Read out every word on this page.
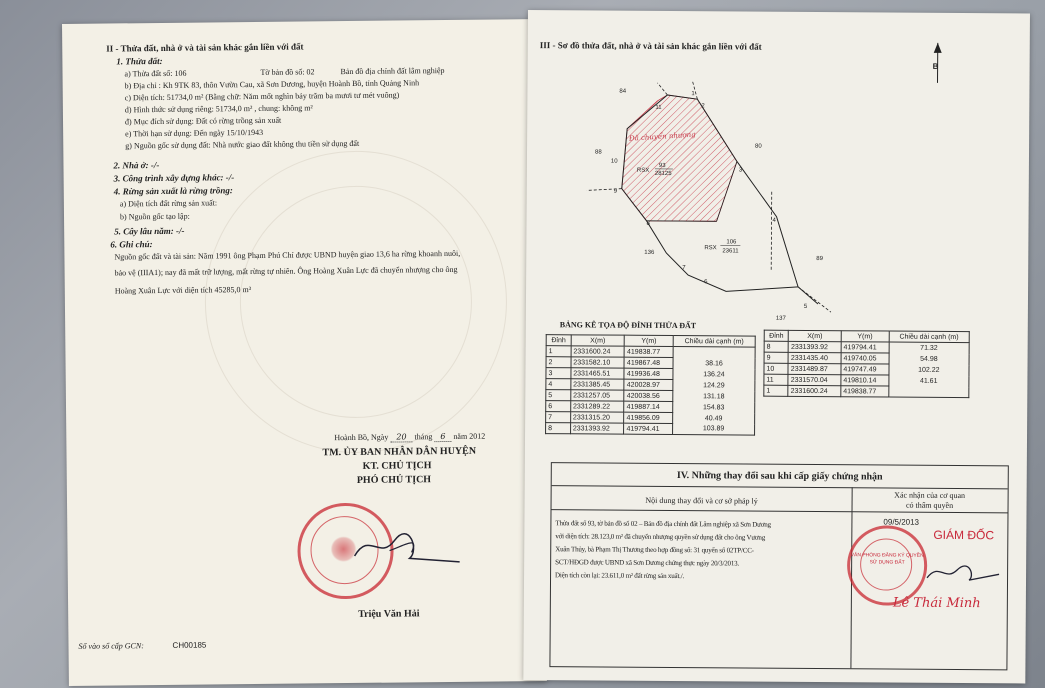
II - Thửa đất, nhà ở và tài sản khác gắn liền với đất
1. Thửa đất:
a) Thửa đất số: 106	Tờ bản đồ số: 02	Bản đồ địa chính đất lâm nghiệp
b) Địa chỉ : Kh 9TK 83, thôn Vườn Cau, xã Sơn Dương, huyện Hoành Bồ, tỉnh Quảng Ninh
c) Diện tích: 51734,0 m² (Bằng chữ: Năm mốt nghìn bảy trăm ba mươi tư mét vuông)
d) Hình thức sử dụng riêng: 51734,0 m² , chung: không m²
đ) Mục đích sử dụng: Đất có rừng trồng sản xuất
e) Thời hạn sử dụng: Đến ngày 15/10/1943
g) Nguồn gốc sử dụng đất: Nhà nước giao đất không thu tiền sử dụng đất
2. Nhà ở: -/-
3. Công trình xây dựng khác: -/-
4. Rừng sản xuất là rừng trồng:
a) Diện tích đất rừng sản xuất:
b) Nguồn gốc tạo lập:
5. Cây lâu năm: -/-
6. Ghi chú:
Nguồn gốc đất và tài sản: Năm 1991 ông Phạm Phú Chí được UBND huyện giao 13,6 ha rừng khoanh nuôi,
bảo vệ (IIIA1); nay đã mất trữ lượng, mất rừng tự nhiên. Ông Hoàng Xuân Lực đã chuyển nhượng cho ông
Hoàng Xuân Lực với diện tích 45285,0 m³
Hoành Bồ, Ngày 20 tháng 6 năm 2012
TM. ỦY BAN NHÂN DÂN HUYỆN
KT. CHỦ TỊCH
PHÓ CHỦ TỊCH
Triệu Văn Hải
Số vào sổ cấp GCN:	CH00185
III - Sơ đồ thửa đất, nhà ở và tài sản khác gắn liền với đất
B
84
80
88
136
89
137
1
2
3
4
5
6
7
8
9
10
11
RSX
93
28125
RSX
106
23611
Đã chuyển nhượng
BẢNG KÊ TỌA ĐỘ ĐỈNH THỬA ĐẤT
Đỉnh	X(m)	Y(m)	Chiều dài cạnh (m)
1	2331600.24	419838.77	
2	2331582.10	419867.48	38.16
3	2331465.51	419936.48	136.24
4	2331385.45	420028.97	124.29
5	2331257.05	420038.56	131.18
6	2331289.22	419887.14	154.83
7	2331315.20	419856.09	40.49
8	2331393.92	419794.41	103.89
Đỉnh	X(m)	Y(m)	Chiều dài cạnh (m)
8	2331393.92	419794.41	71.32
9	2331435.40	419740.05	54.98
10	2331489.87	419747.49	102.22
11	2331570.04	419810.14	41.61
1	2331600.24	419838.77	
IV. Những thay đổi sau khi cấp giấy chứng nhận
Nội dung thay đổi và cơ sở pháp lý
Xác nhận của cơ quan
có thẩm quyền
Thửa đất số 93, tờ bản đồ số 02 – Bản đồ địa chính đất Lâm nghiệp xã Sơn Dương
với diện tích: 28.123,0 m² đã chuyển nhượng quyền sử dụng đất cho ông Vương
Xuân Thủy, bà Phạm Thị Thương theo hợp đồng số: 31 quyển số 02TP/CC-
SCT/HĐGD được UBND xã Sơn Dương chứng thực ngày 20/3/2013.
Diện tích còn lại: 23.611,0 m² đất rừng sản xuất./.
09/5/2013
GIÁM ĐỐC
VĂN PHÒNG ĐĂNG KÝ QUYỀN SỬ DỤNG ĐẤT
Lê Thái Minh
